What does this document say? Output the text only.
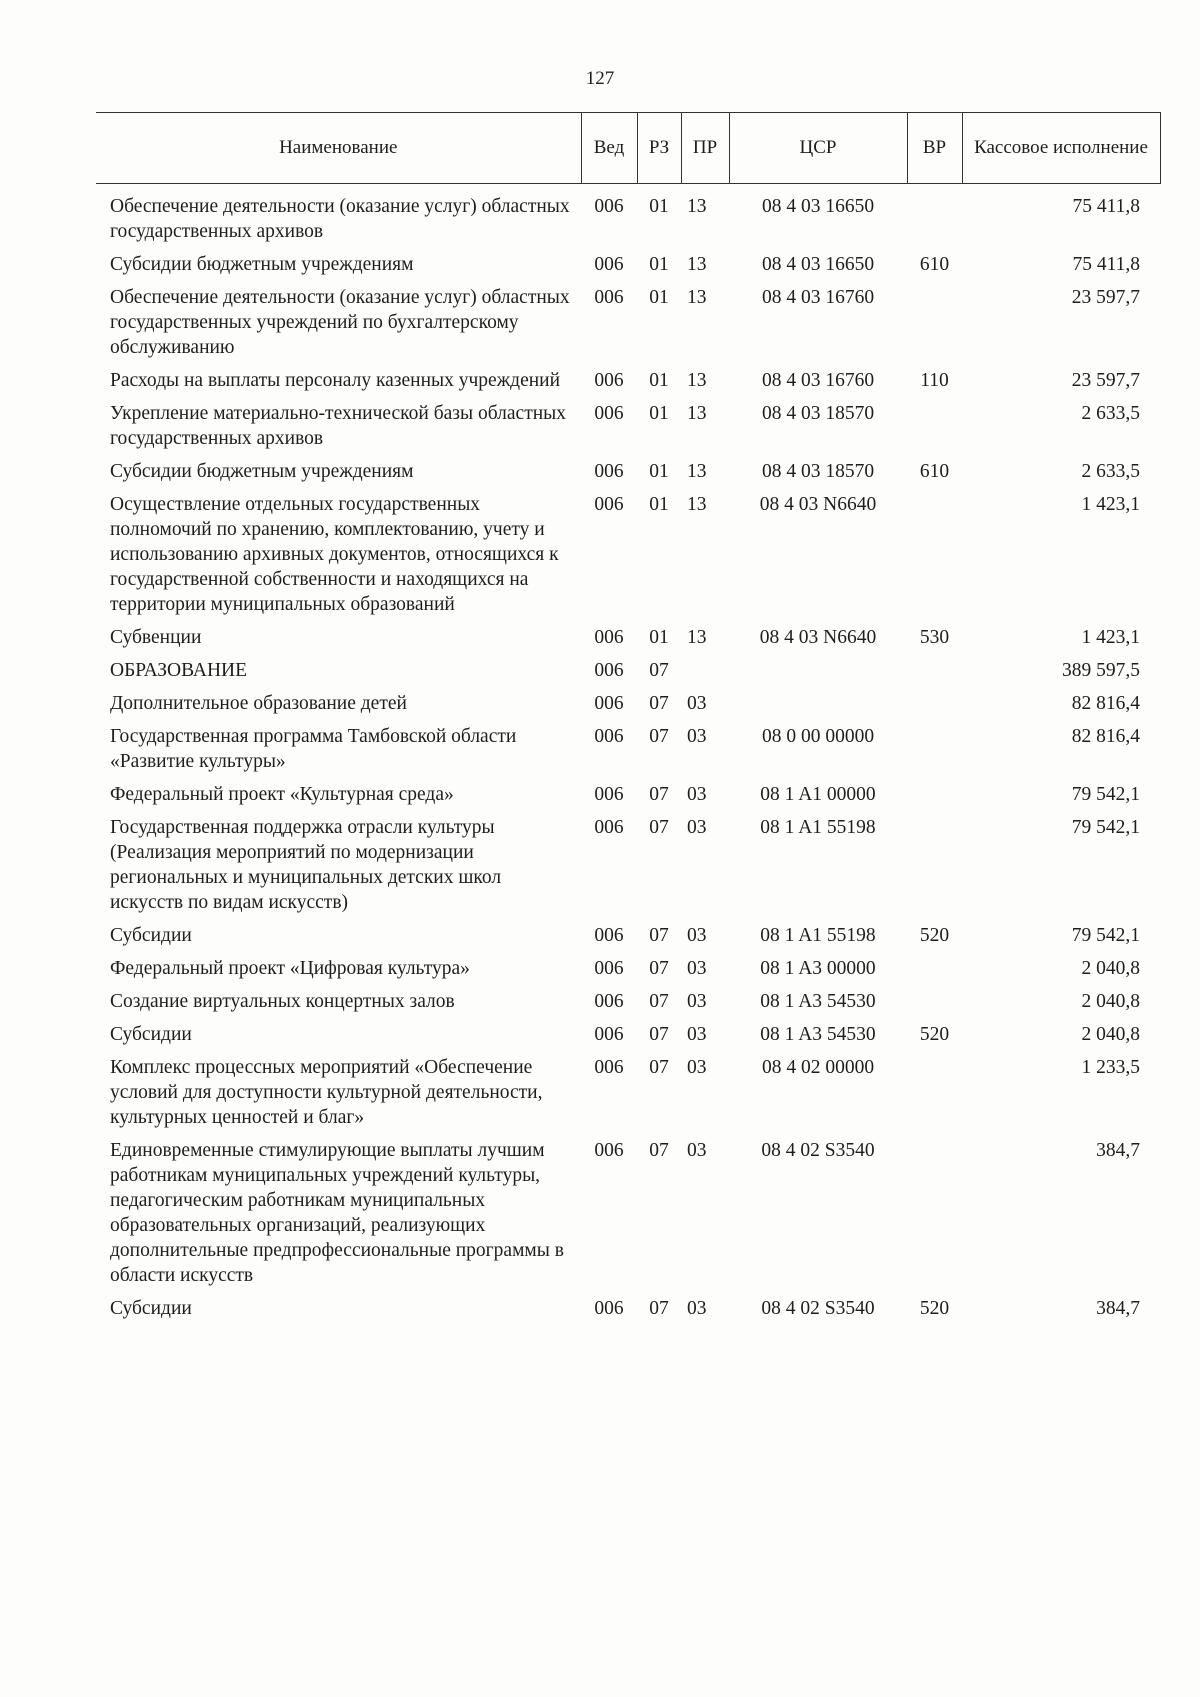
127
Наименование	Вед	РЗ	ПР	ЦСР	ВР	Кассовое исполнение
Обеспечение деятельности (оказание услуг) областных государственных архивов	006	01	13	08 4 03 16650		75 411,8
Субсидии бюджетным учреждениям	006	01	13	08 4 03 16650	610	75 411,8
Обеспечение деятельности (оказание услуг) областных государственных учреждений по бухгалтерскому обслуживанию	006	01	13	08 4 03 16760		23 597,7
Расходы на выплаты персоналу казенных учреждений	006	01	13	08 4 03 16760	110	23 597,7
Укрепление материально-технической базы областных государственных архивов	006	01	13	08 4 03 18570		2 633,5
Субсидии бюджетным учреждениям	006	01	13	08 4 03 18570	610	2 633,5
Осуществление отдельных государственных полномочий по хранению, комплектованию, учету и использованию архивных документов, относящихся к государственной собственности и находящихся на территории муниципальных образований	006	01	13	08 4 03 N6640		1 423,1
Субвенции	006	01	13	08 4 03 N6640	530	1 423,1
ОБРАЗОВАНИЕ	006	07				389 597,5
Дополнительное образование детей	006	07	03			82 816,4
Государственная программа Тамбовской области «Развитие культуры»	006	07	03	08 0 00 00000		82 816,4
Федеральный проект «Культурная среда»	006	07	03	08 1 A1 00000		79 542,1
Государственная поддержка отрасли культуры (Реализация мероприятий по модернизации региональных и муниципальных детских школ искусств по видам искусств)	006	07	03	08 1 A1 55198		79 542,1
Субсидии	006	07	03	08 1 A1 55198	520	79 542,1
Федеральный проект «Цифровая культура»	006	07	03	08 1 A3 00000		2 040,8
Создание виртуальных концертных залов	006	07	03	08 1 A3 54530		2 040,8
Субсидии	006	07	03	08 1 A3 54530	520	2 040,8
Комплекс процессных мероприятий «Обеспечение условий для доступности культурной деятельности, культурных ценностей и благ»	006	07	03	08 4 02 00000		1 233,5
Единовременные стимулирующие выплаты лучшим работникам муниципальных учреждений культуры, педагогическим работникам муниципальных образовательных организаций, реализующих дополнительные предпрофессиональные программы в области искусств	006	07	03	08 4 02 S3540		384,7
Субсидии	006	07	03	08 4 02 S3540	520	384,7
